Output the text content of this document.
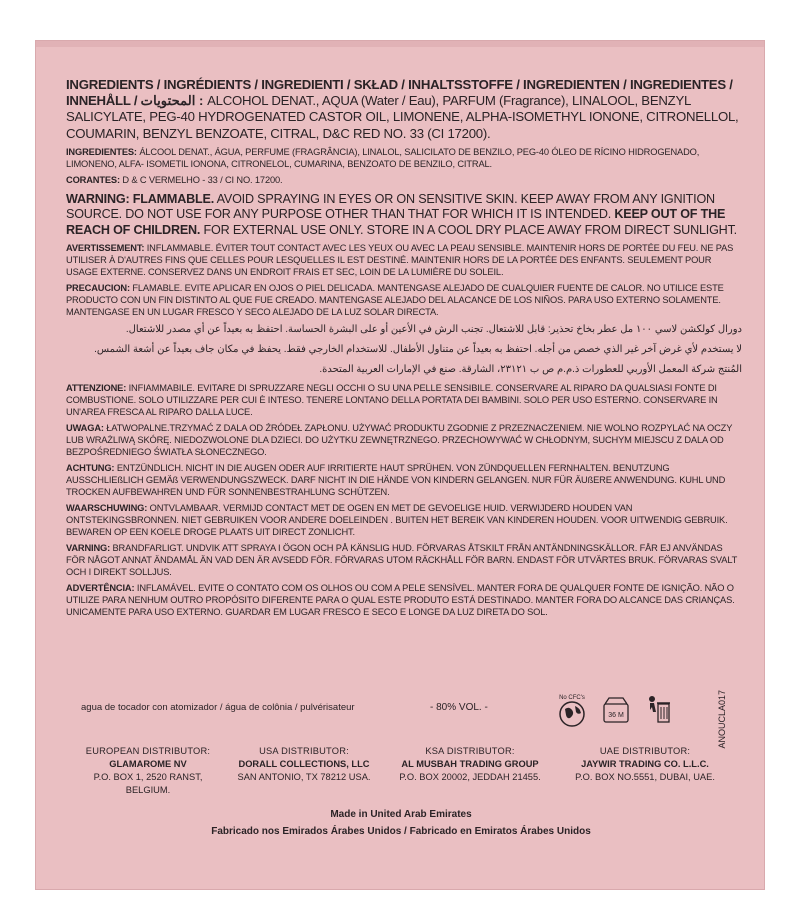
INGREDIENTS / INGRÉDIENTS / INGREDIENTI / SKŁAD / INHALTSSTOFFE / INGREDIENTEN / INGREDIENTES / INNEHÅLL / المحتويات : ALCOHOL DENAT., AQUA (Water / Eau), PARFUM (Fragrance), LINALOOL, BENZYL SALICYLATE, PEG-40 HYDROGENATED CASTOR OIL, LIMONENE, ALPHA-ISOMETHYL IONONE, CITRONELLOL, COUMARIN, BENZYL BENZOATE, CITRAL, D&C RED NO. 33 (CI 17200).

INGREDIENTES: ÁLCOOL DENAT., ÁGUA, PERFUME (FRAGRÂNCIA), LINALOL, SALICILATO DE BENZILO, PEG-40 ÓLEO DE RÍCINO HIDROGENADO, LIMONENO, ALFA- ISOMETIL IONONA, CITRONELOL, CUMARINA, BENZOATO DE BENZILO, CITRAL.

CORANTES: D & C VERMELHO - 33 / CI NO. 17200.

WARNING: FLAMMABLE. AVOID SPRAYING IN EYES OR ON SENSITIVE SKIN. KEEP AWAY FROM ANY IGNITION SOURCE. DO NOT USE FOR ANY PURPOSE OTHER THAN THAT FOR WHICH IT IS INTENDED. KEEP OUT OF THE REACH OF CHILDREN. FOR EXTERNAL USE ONLY. STORE IN A COOL DRY PLACE AWAY FROM DIRECT SUNLIGHT.

AVERTISSEMENT: INFLAMMABLE. ÉVITER TOUT CONTACT AVEC LES YEUX OU AVEC LA PEAU SENSIBLE. MAINTENIR HORS DE PORTÉE DU FEU. NE PAS UTILISER À D'AUTRES FINS QUE CELLES POUR LESQUELLES IL EST DESTINÉ. MAINTENIR HORS DE LA PORTÉE DES ENFANTS. SEULEMENT POUR USAGE EXTERNE. CONSERVEZ DANS UN ENDROIT FRAIS ET SEC, LOIN DE LA LUMIÈRE DU SOLEIL.

PRECAUCION: FLAMABLE. EVITE APLICAR EN OJOS O PIEL DELICADA. MANTENGASE ALEJADO DE CUALQUIER FUENTE DE CALOR. NO UTILICE ESTE PRODUCTO CON UN FIN DISTINTO AL QUE FUE CREADO. MANTENGASE ALEJADO DEL ALACANCE DE LOS NIÑOS. PARA USO EXTERNO SOLAMENTE. MANTENGASE EN UN LUGAR FRESCO Y SECO ALEJADO DE LA LUZ SOLAR DIRECTA.

دورال كولكشن لاسي ١٠٠ مل عطر بخاخ تحذير: قابل للاشتعال. تجنب الرش في الأعين أو على البشرة الحساسة. احتفظ به بعيداً عن أي مصدر للاشتعال.

لا يستخدم لأي غرض آخر غير الذي خصص من أجله. احتفظ به بعيداً عن متناول الأطفال. للاستخدام الخارجي فقط. يحفظ في مكان جاف بعيداً عن أشعة الشمس.

المُنتج شركة المعمل الأوربي للعطورات ذ.م.م ص ب ٢٣١٢١، الشارقة. صنع في الإمارات العربية المتحدة.

ATTENZIONE: INFIAMMABILE. EVITARE DI SPRUZZARE NEGLI OCCHI O SU UNA PELLE SENSIBILE. CONSERVARE AL RIPARO DA QUALSIASI FONTE DI COMBUSTIONE. SOLO UTILIZZARE PER CUI È INTESO. TENERE LONTANO DELLA PORTATA DEI BAMBINI. SOLO PER USO ESTERNO. CONSERVARE IN UN'AREA FRESCA AL RIPARO DALLA LUCE.

UWAGA: ŁATWOPALNE.TRZYMAĆ Z DALA OD ŹRÓDEŁ ZAPŁONU. UŻYWAĆ PRODUKTU ZGODNIE Z PRZEZNACZENIEM. NIE WOLNO ROZPYLAĆ NA OCZY LUB WRAŻLIWĄ SKÓRĘ. NIEDOZWOLONE DLA DZIECI. DO UŻYTKU ZEWNĘTRZNEGO. PRZECHOWYWAĆ W CHŁODNYM, SUCHYM MIEJSCU Z DALA OD BEZPOŚREDNIEGO ŚWIATŁA SŁONECZNEGO.

ACHTUNG: ENTZÜNDLICH. NICHT IN DIE AUGEN ODER AUF IRRITIERTE HAUT SPRÜHEN. VON ZÜNDQUELLEN FERNHALTEN. BENUTZUNG AUSSCHLIEßLICH GEMÄß VERWENDUNGSZWECK. DARF NICHT IN DIE HÄNDE VON KINDERN GELANGEN. NUR FÜR ÄUßERE ANWENDUNG. KUHL UND TROCKEN AUFBEWAHREN UND FÜR SONNENBESTRAHLUNG SCHÜTZEN.

WAARSCHUWING: ONTVLAMBAAR. VERMIJD CONTACT MET DE OGEN EN MET DE GEVOELIGE HUID. VERWIJDERD HOUDEN VAN ONTSTEKINGSBRONNEN. NIET GEBRUIKEN VOOR ANDERE DOELEINDEN . BUITEN HET BEREIK VAN KINDEREN HOUDEN. VOOR UITWENDIG GEBRUIK. BEWAREN OP EEN KOELE DROGE PLAATS UIT DIRECT ZONLICHT.

VARNING: BRANDFARLIGT. UNDVIK ATT SPRAYA I ÖGON OCH PÅ KÄNSLIG HUD. FÖRVARAS ÅTSKILT FRÅN ANTÄNDNINGSKÄLLOR. FÅR EJ ANVÄNDAS FÖR NÅGOT ANNAT ÄNDAMÅL ÄN VAD DEN ÄR AVSEDD FÖR. FÖRVARAS UTOM RÄCKHÅLL FÖR BARN. ENDAST FÖR UTVÄRTES BRUK. FÖRVARAS SVALT OCH I DIREKT SOLLJUS.

ADVERTÊNCIA: INFLAMÁVEL. EVITE O CONTATO COM OS OLHOS OU COM A PELE SENSÍVEL. MANTER FORA DE QUALQUER FONTE DE IGNIÇÃO. NÃO O UTILIZE PARA NENHUM OUTRO PROPÓSITO DIFERENTE PARA O QUAL ESTE PRODUTO ESTÁ DESTINADO. MANTER FORA DO ALCANCE DAS CRIANÇAS. UNICAMENTE PARA USO EXTERNO. GUARDAR EM LUGAR FRESCO E SECO E LONGE DA LUZ DIRETA DO SOL.

agua de tocador con atomizador / água de colônia / pulvérisateur	- 80% VOL. -
No CFC's

36 M
	ANOUCLA017
EUROPEAN DISTRIBUTOR:
GLAMAROME NV
P.O. BOX 1, 2520 RANST, BELGIUM.
USA DISTRIBUTOR:
DORALL COLLECTIONS, LLC
SAN ANTONIO, TX 78212 USA.
KSA DISTRIBUTOR:
AL MUSBAH TRADING GROUP
P.O. BOX 20002, JEDDAH 21455.
UAE DISTRIBUTOR:
JAYWIR TRADING CO. L.L.C.
P.O. BOX NO.5551, DUBAI, UAE.
Made in United Arab Emirates
Fabricado nos Emirados Árabes Unidos / Fabricado en Emiratos Árabes Unidos
